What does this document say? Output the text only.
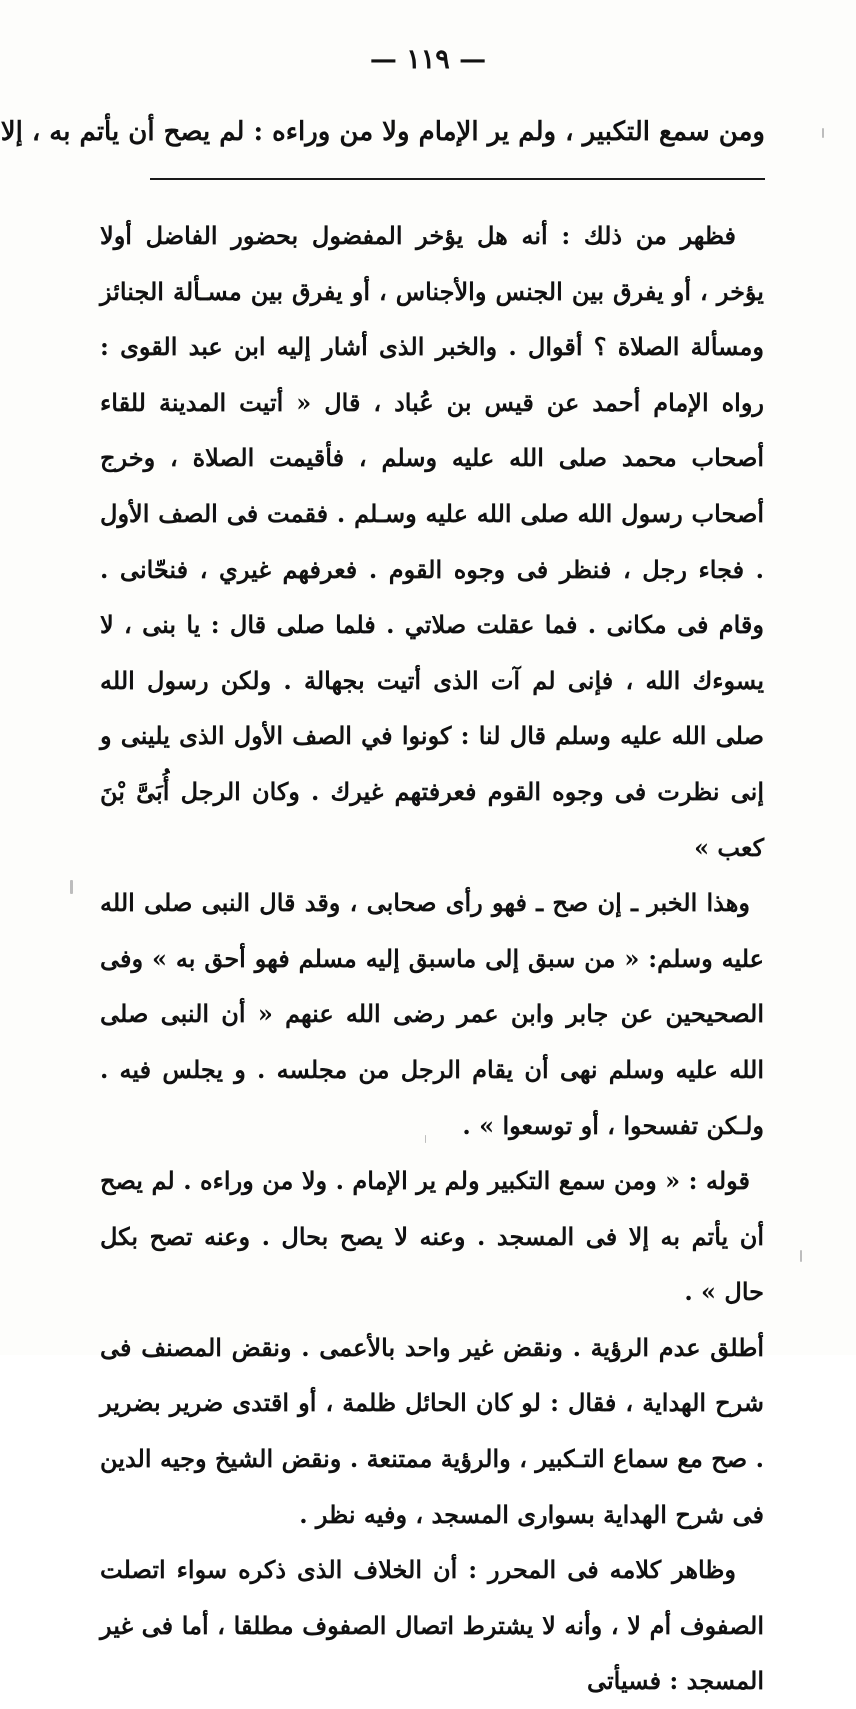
— ١١٩ —
ومن سمع التكبير ، ولم ير الإمام ولا من وراءه : لم يصح أن يأتم به ، إلا

فظهر من ذلك : أنه هل يؤخر المفضول بحضور الفاضل أولا يؤخر ، أو يفرق بين الجنس والأجناس ، أو يفرق بين مسـألة الجنائز ومسألة الصلاة ؟ أقوال . والخبر الذى أشار إليه ابن عبد القوى : رواه الإمام أحمد عن قيس بن عُباد ، قال « أتيت المدينة للقاء أصحاب محمد صلى الله عليه وسلم ، فأقيمت الصلاة ، وخرج أصحاب رسول الله صلى الله عليه وسـلم . فقمت فى الصف الأول . فجاء رجل ، فنظر فى وجوه القوم . فعرفهم غيري ، فنحّانى . وقام فى مكانى . فما عقلت صلاتي . فلما صلى قال : يا بنى ، لا يسوءك الله ، فإنى لم آت الذى أتيت بجهالة . ولكن رسول الله صلى الله عليه وسلم قال لنا : كونوا في الصف الأول الذى يلينى و إنى نظرت فى وجوه القوم فعرفتهم غيرك . وكان الرجل أُبَىَّ بْنَ كعب »

وهذا الخبر ـ إن صح ـ فهو رأى صحابى ، وقد قال النبى صلى الله عليه وسلم: « من سبق إلى ماسبق إليه مسلم فهو أحق به » وفى الصحيحين عن جابر وابن عمر رضى الله عنهم « أن النبى صلى الله عليه وسلم نهى أن يقام الرجل من مجلسه . و يجلس فيه . ولـكن تفسحوا ، أو توسعوا » .

قوله : « ومن سمع التكبير ولم ير الإمام . ولا من وراءه . لم يصح أن يأتم به إلا فى المسجد . وعنه لا يصح بحال . وعنه تصح بكل حال » .

أطلق عدم الرؤية . ونقض غير واحد بالأعمى . ونقض المصنف فى شرح الهداية ، فقال : لو كان الحائل ظلمة ، أو اقتدى ضرير بضرير . صح مع سماع التـكبير ، والرؤية ممتنعة . ونقض الشيخ وجيه الدين فى شرح الهداية بسوارى المسجد ، وفيه نظر .

وظاهر كلامه فى المحرر : أن الخلاف الذى ذكره سواء اتصلت الصفوف أم لا ، وأنه لا يشترط اتصال الصفوف مطلقا ، أما فى غير المسجد : فسيأتى
